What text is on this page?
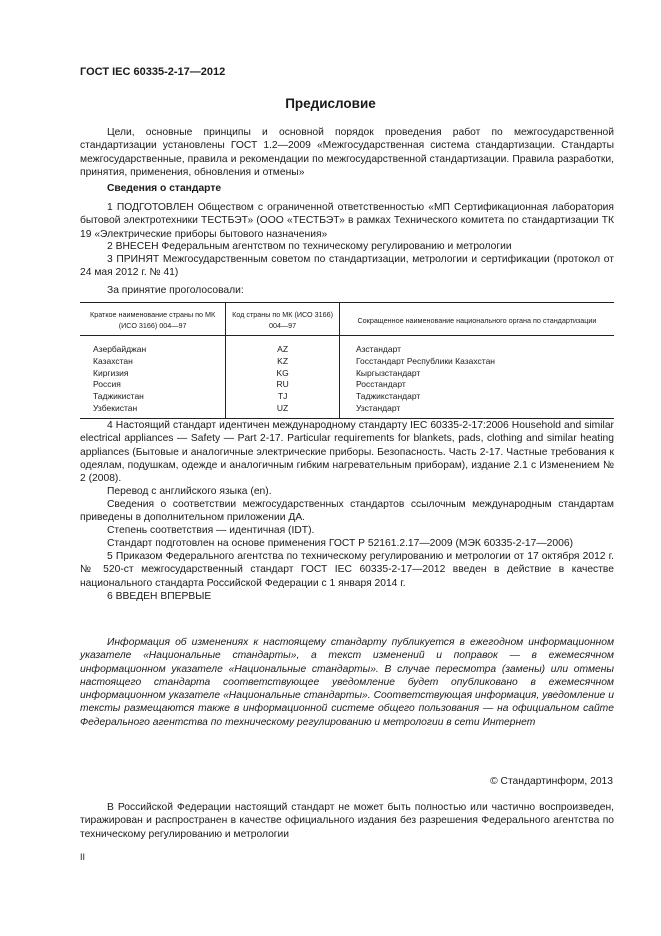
ГОСТ IEC 60335-2-17—2012
Предисловие

Цели, основные принципы и основной порядок проведения работ по межгосударственной стандартизации установлены ГОСТ 1.2—2009 «Межгосударственная система стандартизации. Стандарты межгосударственные, правила и рекомендации по межгосударственной стандартизации. Правила разработки, принятия, применения, обновления и отмены»

Сведения о стандарте

1 ПОДГОТОВЛЕН Обществом с ограниченной ответственностью «МП Сертификационная лаборатория бытовой электротехники ТЕСТБЭТ» (ООО «ТЕСТБЭТ» в рамках Технического комитета по стандартизации ТК 19 «Электрические приборы бытового назначения»

2 ВНЕСЕН Федеральным агентством по техническому регулированию и метрологии

3 ПРИНЯТ Межгосударственным советом по стандартизации, метрологии и сертификации (протокол от 24 мая 2012 г. № 41)

За принятие проголосовали:
Краткое наименование страны по МК (ИСО 3166) 004—97	Код страны по МК (ИСО 3166) 004—97	Сокращенное наименование национального органа по стандартизации
Азербайджан	AZ	Азстандарт
Казахстан	KZ	Госстандарт Республики Казахстан
Киргизия	KG	Кыргызстандарт
Россия	RU	Росстандарт
Таджикистан	TJ	Таджикстандарт
Узбекистан	UZ	Узстандарт

4 Настоящий стандарт идентичен международному стандарту IEC 60335-2-17:2006 Household and similar electrical appliances — Safety — Part 2-17. Particular requirements for blankets, pads, clothing and similar heating appliances (Бытовые и аналогичные электрические приборы. Безопасность. Часть 2-17. Частные требования к одеялам, подушкам, одежде и аналогичным гибким нагревательным приборам), издание 2.1 с Изменением № 2 (2008).

Перевод с английского языка (en).

Сведения о соответствии межгосударственных стандартов ссылочным международным стандартам приведены в дополнительном приложении ДА.

Степень соответствия — идентичная (IDT).
Стандарт подготовлен на основе применения ГОСТ Р 52161.2.17—2009 (МЭК 60335-2-17—2006)

5 Приказом Федерального агентства по техническому регулированию и метрологии от 17 октября 2012 г. № 520-ст межгосударственный стандарт ГОСТ IEC 60335-2-17—2012 введен в действие в качестве национального стандарта Российской Федерации с 1 января 2014 г.

6 ВВЕДЕН ВПЕРВЫЕ

Информация об изменениях к настоящему стандарту публикуется в ежегодном информационном указателе «Национальные стандарты», а текст изменений и поправок — в ежемесячном информационном указателе «Национальные стандарты». В случае пересмотра (замены) или отмены настоящего стандарта соответствующее уведомление будет опубликовано в ежемесячном информационном указателе «Национальные стандарты». Соответствующая информация, уведомление и тексты размещаются также в информационной системе общего пользования — на официальном сайте Федерального агентства по техническому регулированию и метрологии в сети Интернет

© Стандартинформ, 2013

В Российской Федерации настоящий стандарт не может быть полностью или частично воспроизведен, тиражирован и распространен в качестве официального издания без разрешения Федерального агентства по техническому регулированию и метрологии

II
